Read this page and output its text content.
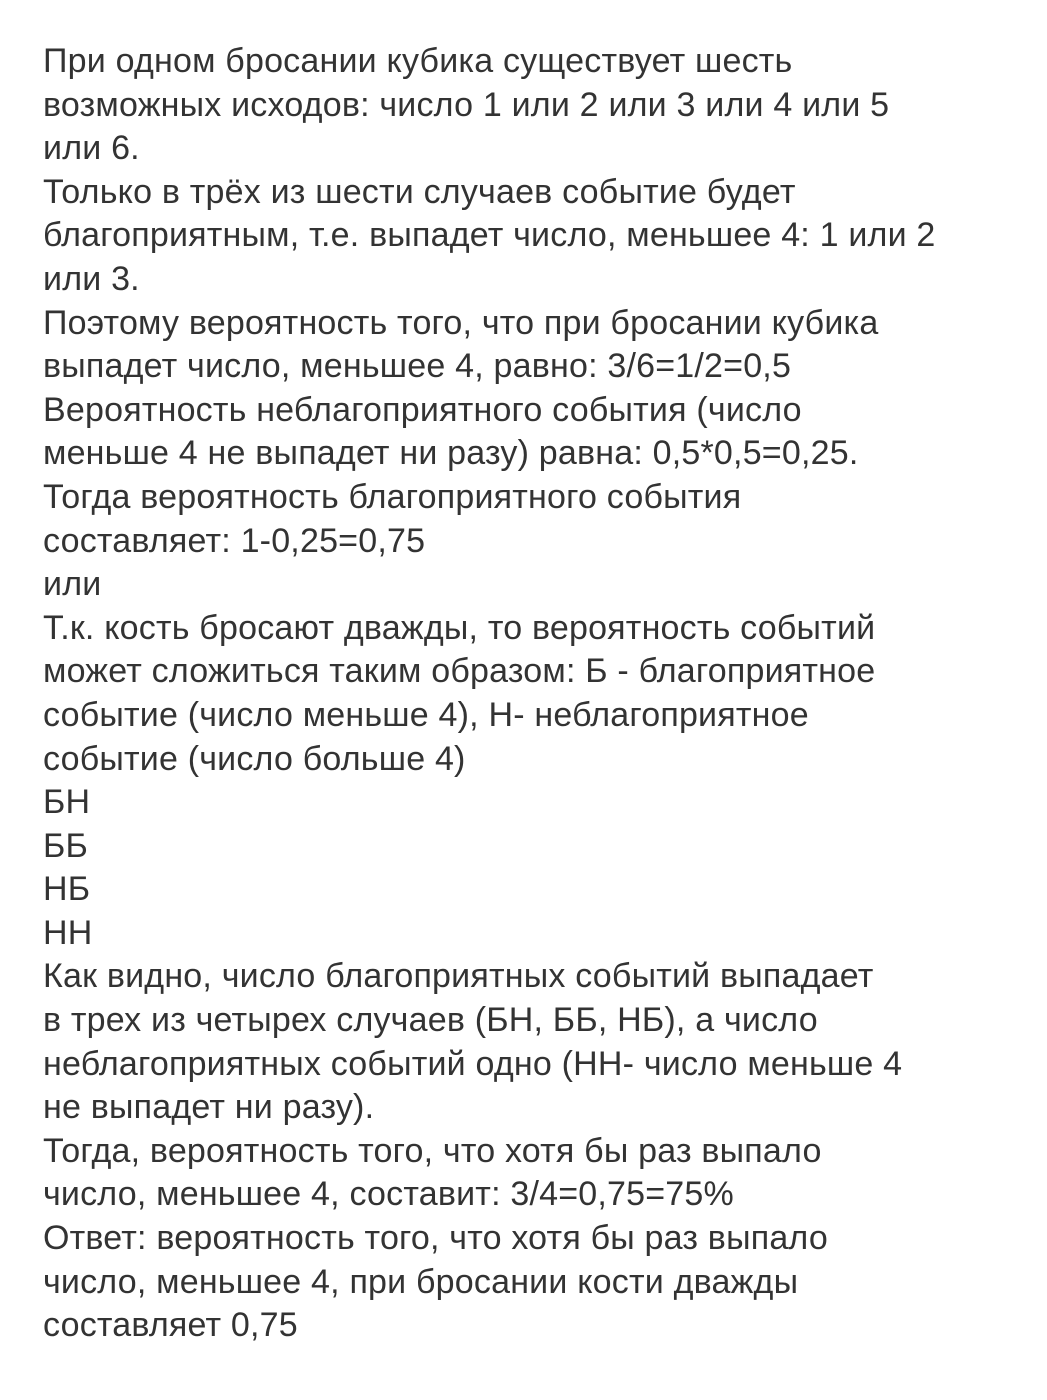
При одном бросании кубика существует шесть
возможных исходов: число 1 или 2 или 3 или 4 или 5
или 6.
Только в трёх из шести случаев событие будет
благоприятным, т.е. выпадет число, меньшее 4: 1 или 2
или 3.
Поэтому вероятность того, что при бросании кубика
выпадет число, меньшее 4, равно: 3/6=1/2=0,5
Вероятность неблагоприятного события (число
меньше 4 не выпадет ни разу) равна: 0,5*0,5=0,25.
Тогда вероятность благоприятного события
составляет: 1-0,25=0,75
или
Т.к. кость бросают дважды, то вероятность событий
может сложиться таким образом: Б - благоприятное
событие (число меньше 4), Н- неблагоприятное
событие (число больше 4)
БН
ББ
НБ
НН
Как видно, число благоприятных событий выпадает
в трех из четырех случаев (БН, ББ, НБ), а число
неблагоприятных событий одно (НН- число меньше 4
не выпадет ни разу).
Тогда, вероятность того, что хотя бы раз выпало
число, меньшее 4, составит: 3/4=0,75=75%
Ответ: вероятность того, что хотя бы раз выпало
число, меньшее 4, при бросании кости дважды
составляет 0,75
